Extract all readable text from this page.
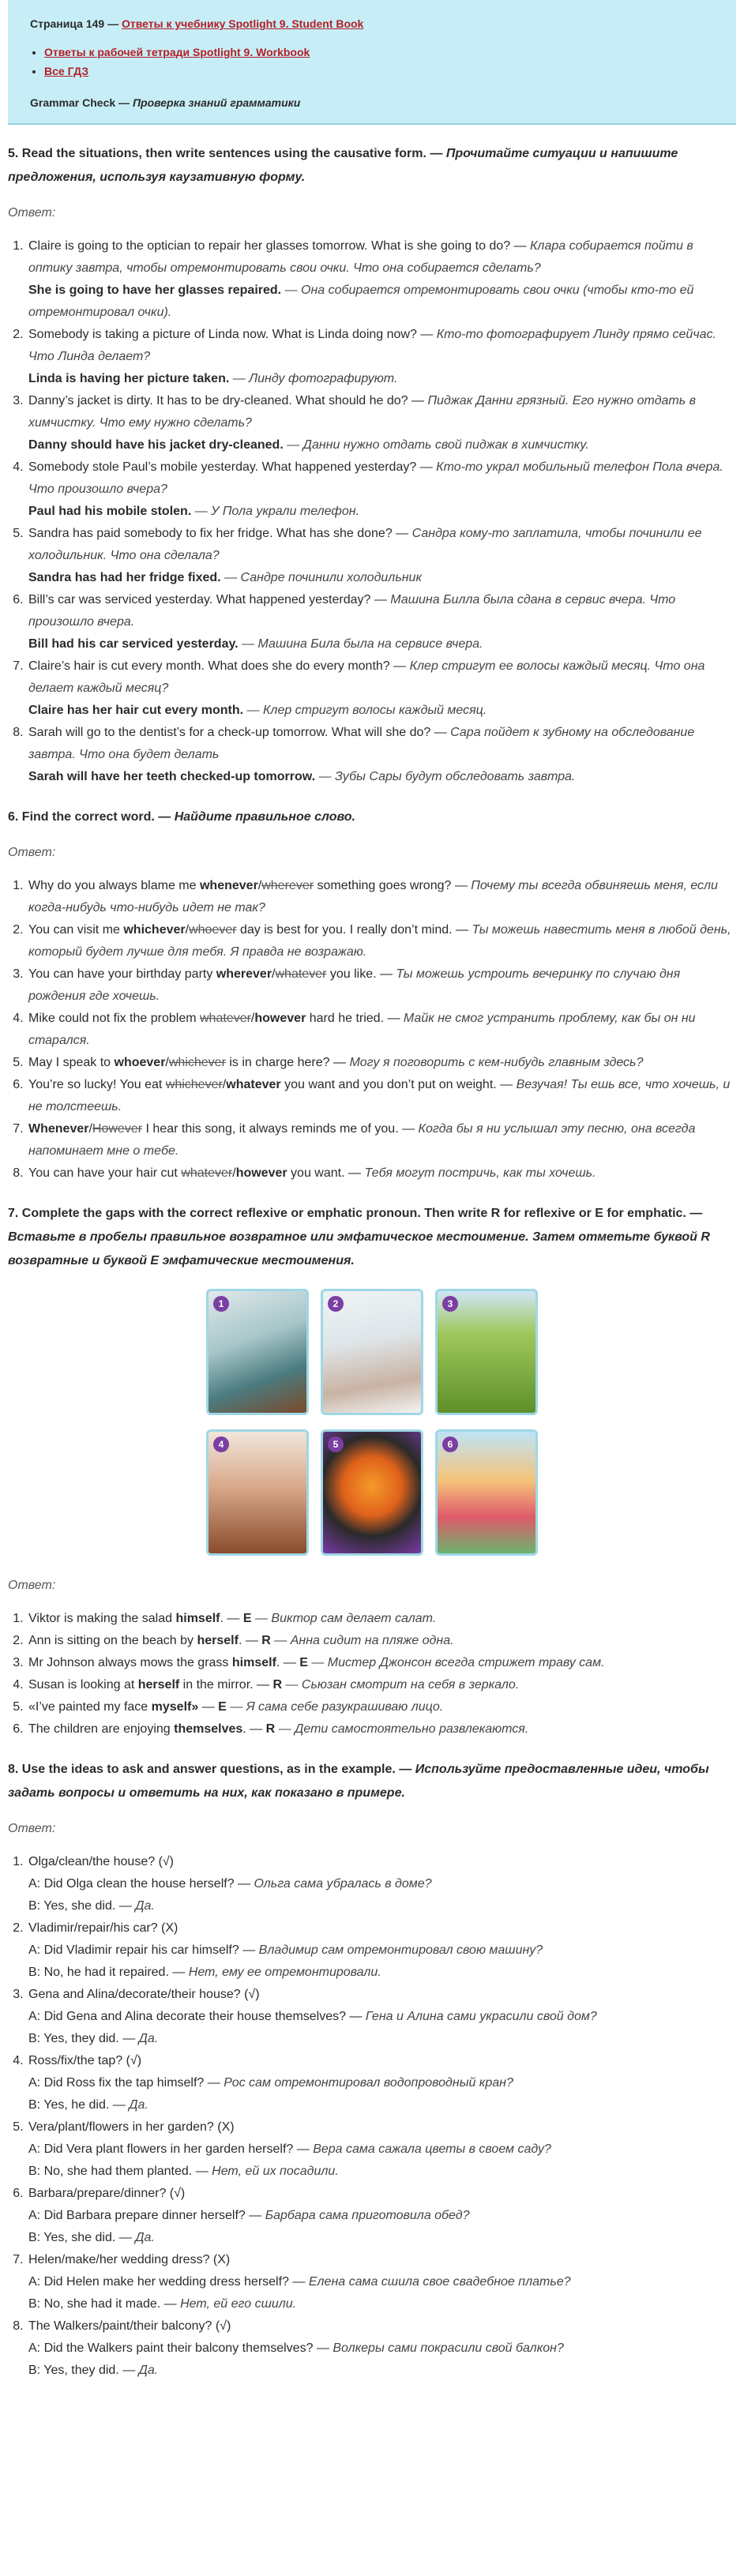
Страница 149 — Ответы к учебнику Spotlight 9. Student Book
• Ответы к рабочей тетради Spotlight 9. Workbook
• Все ГДЗ
Grammar Check — Проверка знаний грамматики
5. Read the situations, then write sentences using the causative form. — Прочитайте ситуации и напишите предложения, используя каузативную форму.
Ответ:
1. Claire is going to the optician to repair her glasses tomorrow. What is she going to do? — Клара собирается пойти в оптику завтра, чтобы отремонтировать свои очки. Что она собирается сделать?
She is going to have her glasses repaired. — Она собирается отремонтировать свои очки (чтобы кто-то ей отремонтировал очки).
2. Somebody is taking a picture of Linda now. What is Linda doing now? — Кто-то фотографирует Линду прямо сейчас. Что Линда делает?
Linda is having her picture taken. — Линду фотографируют.
3. Danny’s jacket is dirty. It has to be dry-cleaned. What should he do? — Пиджак Данни грязный. Его нужно отдать в химчистку. Что ему нужно сделать?
Danny should have his jacket dry-cleaned. — Данни нужно отдать свой пиджак в химчистку.
4. Somebody stole Paul’s mobile yesterday. What happened yesterday? — Кто-то украл мобильный телефон Пола вчера. Что произошло вчера?
Paul had his mobile stolen. — У Пола украли телефон.
5. Sandra has paid somebody to fix her fridge. What has she done? — Сандра кому-то заплатила, чтобы починили ее холодильник. Что она сделала?
Sandra has had her fridge fixed. — Сандре починили холодильник
6. Bill’s car was serviced yesterday. What happened yesterday? — Машина Билла была сдана в сервис вчера. Что произошло вчера.
Bill had his car serviced yesterday. — Машина Била была на сервисе вчера.
7. Claire’s hair is cut every month. What does she do every month? — Клер стригут ее волосы каждый месяц. Что она делает каждый месяц?
Claire has her hair cut every month. — Клер стригут волосы каждый месяц.
8. Sarah will go to the dentist’s for a check-up tomorrow. What will she do? — Сара пойдет к зубному на обследование завтра. Что она будет делать
Sarah will have her teeth checked-up tomorrow. — Зубы Сары будут обследовать завтра.
6. Find the correct word. — Найдите правильное слово.
Ответ:
1. Why do you always blame me whenever/wherever something goes wrong? — Почему ты всегда обвиняешь меня, если когда-нибудь что-нибудь идет не так?
2. You can visit me whichever/whoever day is best for you. I really don’t mind. — Ты можешь навестить меня в любой день, который будет лучше для тебя. Я правда не возражаю.
3. You can have your birthday party wherever/whatever you like. — Ты можешь устроить вечеринку по случаю дня рождения где хочешь.
4. Mike could not fix the problem whatever/however hard he tried. — Майк не смог устранить проблему, как бы он ни старался.
5. May I speak to whoever/whichever is in charge here? — Могу я поговорить с кем-нибудь главным здесь?
6. You’re so lucky! You eat whichever/whatever you want and you don’t put on weight. — Везучая! Ты ешь все, что хочешь, и не толстеешь.
7. Whenever/However I hear this song, it always reminds me of you. — Когда бы я ни услышал эту песню, она всегда напоминает мне о тебе.
8. You can have your hair cut whatever/however you want. — Тебя могут постричь, как ты хочешь.
7. Complete the gaps with the correct reflexive or emphatic pronoun. Then write R for reflexive or E for emphatic. — Вставьте в пробелы правильное возвратное или эмфатическое местоимение. Затем отметьте буквой R возвратные и буквой E эмфатические местоимения.
1	2	3
4	5	6
Ответ:
1. Viktor is making the salad himself. — E — Виктор сам делает салат.
2. Ann is sitting on the beach by herself. — R — Анна сидит на пляже одна.
3. Mr Johnson always mows the grass himself. — E — Мистер Джонсон всегда стрижет траву сам.
4. Susan is looking at herself in the mirror. — R — Сьюзан смотрит на себя в зеркало.
5. «I’ve painted my face myself» — E — Я сама себе разукрашиваю лицо.
6. The children are enjoying themselves. — R — Дети самостоятельно развлекаются.
8. Use the ideas to ask and answer questions, as in the example. — Используйте предоставленные идеи, чтобы задать вопросы и ответить на них, как показано в примере.
Ответ:
1. Olga/clean/the house? (√)
A: Did Olga clean the house herself? — Ольга сама убралась в доме?
B: Yes, she did. — Да.
2. Vladimir/repair/his car? (X)
A: Did Vladimir repair his car himself? — Владимир сам отремонтировал свою машину?
B: No, he had it repaired. — Нет, ему ее отремонтировали.
3. Gena and Alina/decorate/their house? (√)
A: Did Gena and Alina decorate their house themselves? — Гена и Алина сами украсили свой дом?
B: Yes, they did. — Да.
4. Ross/fix/the tap? (√)
A: Did Ross fix the tap himself? — Рос сам отремонтировал водопроводный кран?
B: Yes, he did. — Да.
5. Vera/plant/flowers in her garden? (X)
A: Did Vera plant flowers in her garden herself? — Вера сама сажала цветы в своем саду?
B: No, she had them planted. — Нет, ей их посадили.
6. Barbara/prepare/dinner? (√)
A: Did Barbara prepare dinner herself? — Барбара сама приготовила обед?
B: Yes, she did. — Да.
7. Helen/make/her wedding dress? (X)
A: Did Helen make her wedding dress herself? — Елена сама сшила свое свадебное платье?
B: No, she had it made. — Нет, ей его сшили.
8. The Walkers/paint/their balcony? (√)
A: Did the Walkers paint their balcony themselves? — Волкеры сами покрасили свой балкон?
B: Yes, they did. — Да.
